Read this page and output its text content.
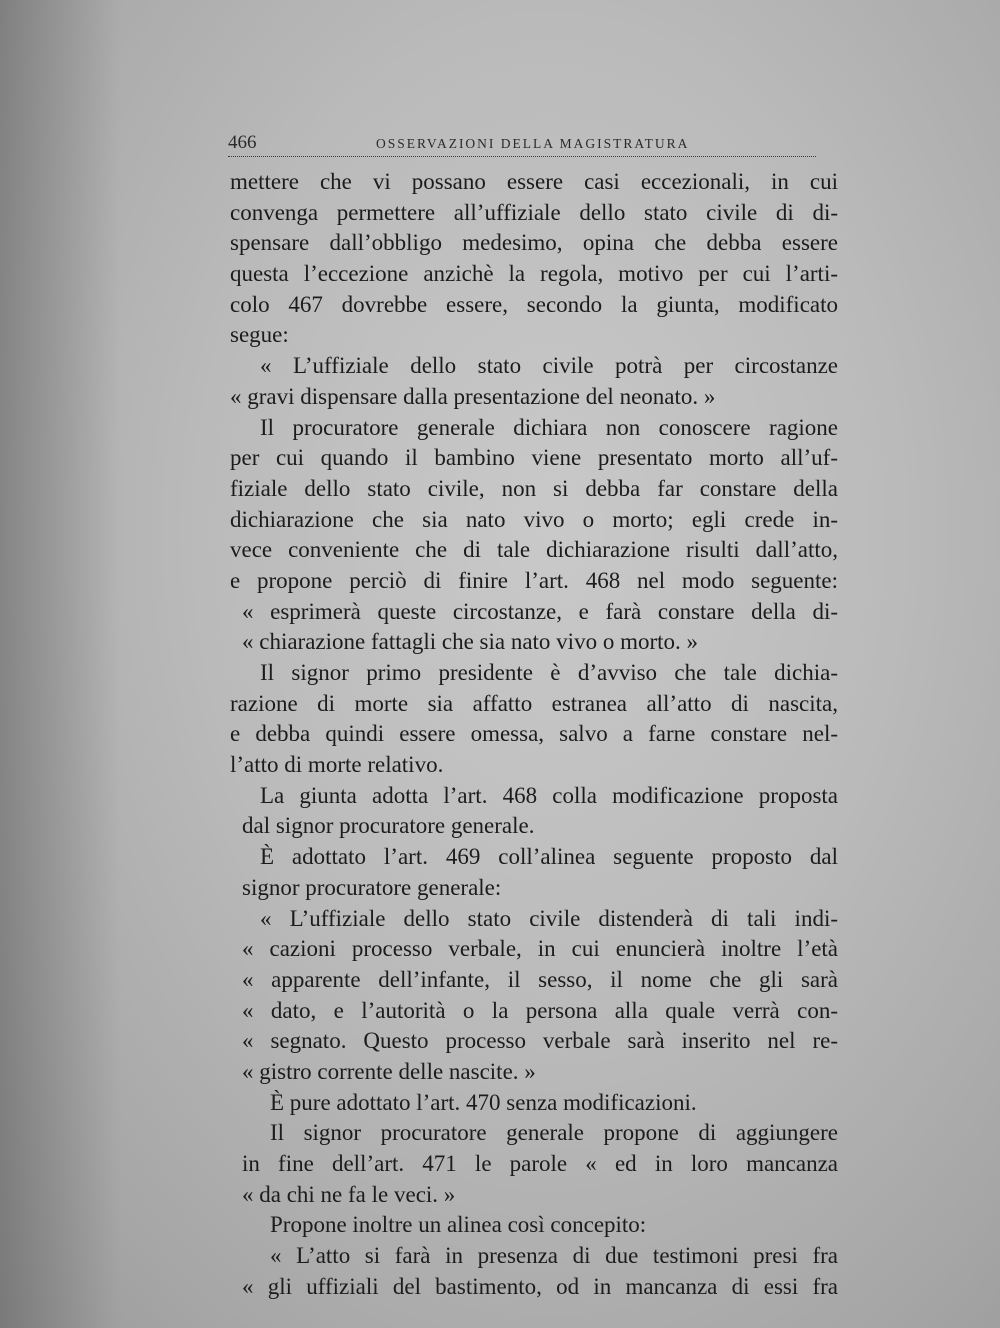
466	OSSERVAZIONI DELLA MAGISTRATURA
mettere che vi possano essere casi eccezionali, in cui
convenga permettere all’uffiziale dello stato civile di di-
spensare dall’obbligo medesimo, opina che debba essere
questa l’eccezione anzichè la regola, motivo per cui l’arti-
colo 467 dovrebbe essere, secondo la giunta, modificato
segue:
« L’uffiziale dello stato civile potrà per circostanze
« gravi dispensare dalla presentazione del neonato. »
Il procuratore generale dichiara non conoscere ragione
per cui quando il bambino viene presentato morto all’uf-
fiziale dello stato civile, non si debba far constare della
dichiarazione che sia nato vivo o morto; egli crede in-
vece conveniente che di tale dichiarazione risulti dall’atto,
e propone perciò di finire l’art. 468 nel modo seguente:
« esprimerà queste circostanze, e farà constare della di-
« chiarazione fattagli che sia nato vivo o morto. »
Il signor primo presidente è d’avviso che tale dichia-
razione di morte sia affatto estranea all’atto di nascita,
e debba quindi essere omessa, salvo a farne constare nel-
l’atto di morte relativo.
La giunta adotta l’art. 468 colla modificazione proposta
dal signor procuratore generale.
È adottato l’art. 469 coll’alinea seguente proposto dal
signor procuratore generale:
« L’uffiziale dello stato civile distenderà di tali indi-
« cazioni processo verbale, in cui enuncierà inoltre l’età
« apparente dell’infante, il sesso, il nome che gli sarà
« dato, e l’autorità o la persona alla quale verrà con-
« segnato. Questo processo verbale sarà inserito nel re-
« gistro corrente delle nascite. »
È pure adottato l’art. 470 senza modificazioni.
Il signor procuratore generale propone di aggiungere
in fine dell’art. 471 le parole « ed in loro mancanza
« da chi ne fa le veci. »
Propone inoltre un alinea così concepito:
« L’atto si farà in presenza di due testimoni presi fra
« gli uffiziali del bastimento, od in mancanza di essi fra
